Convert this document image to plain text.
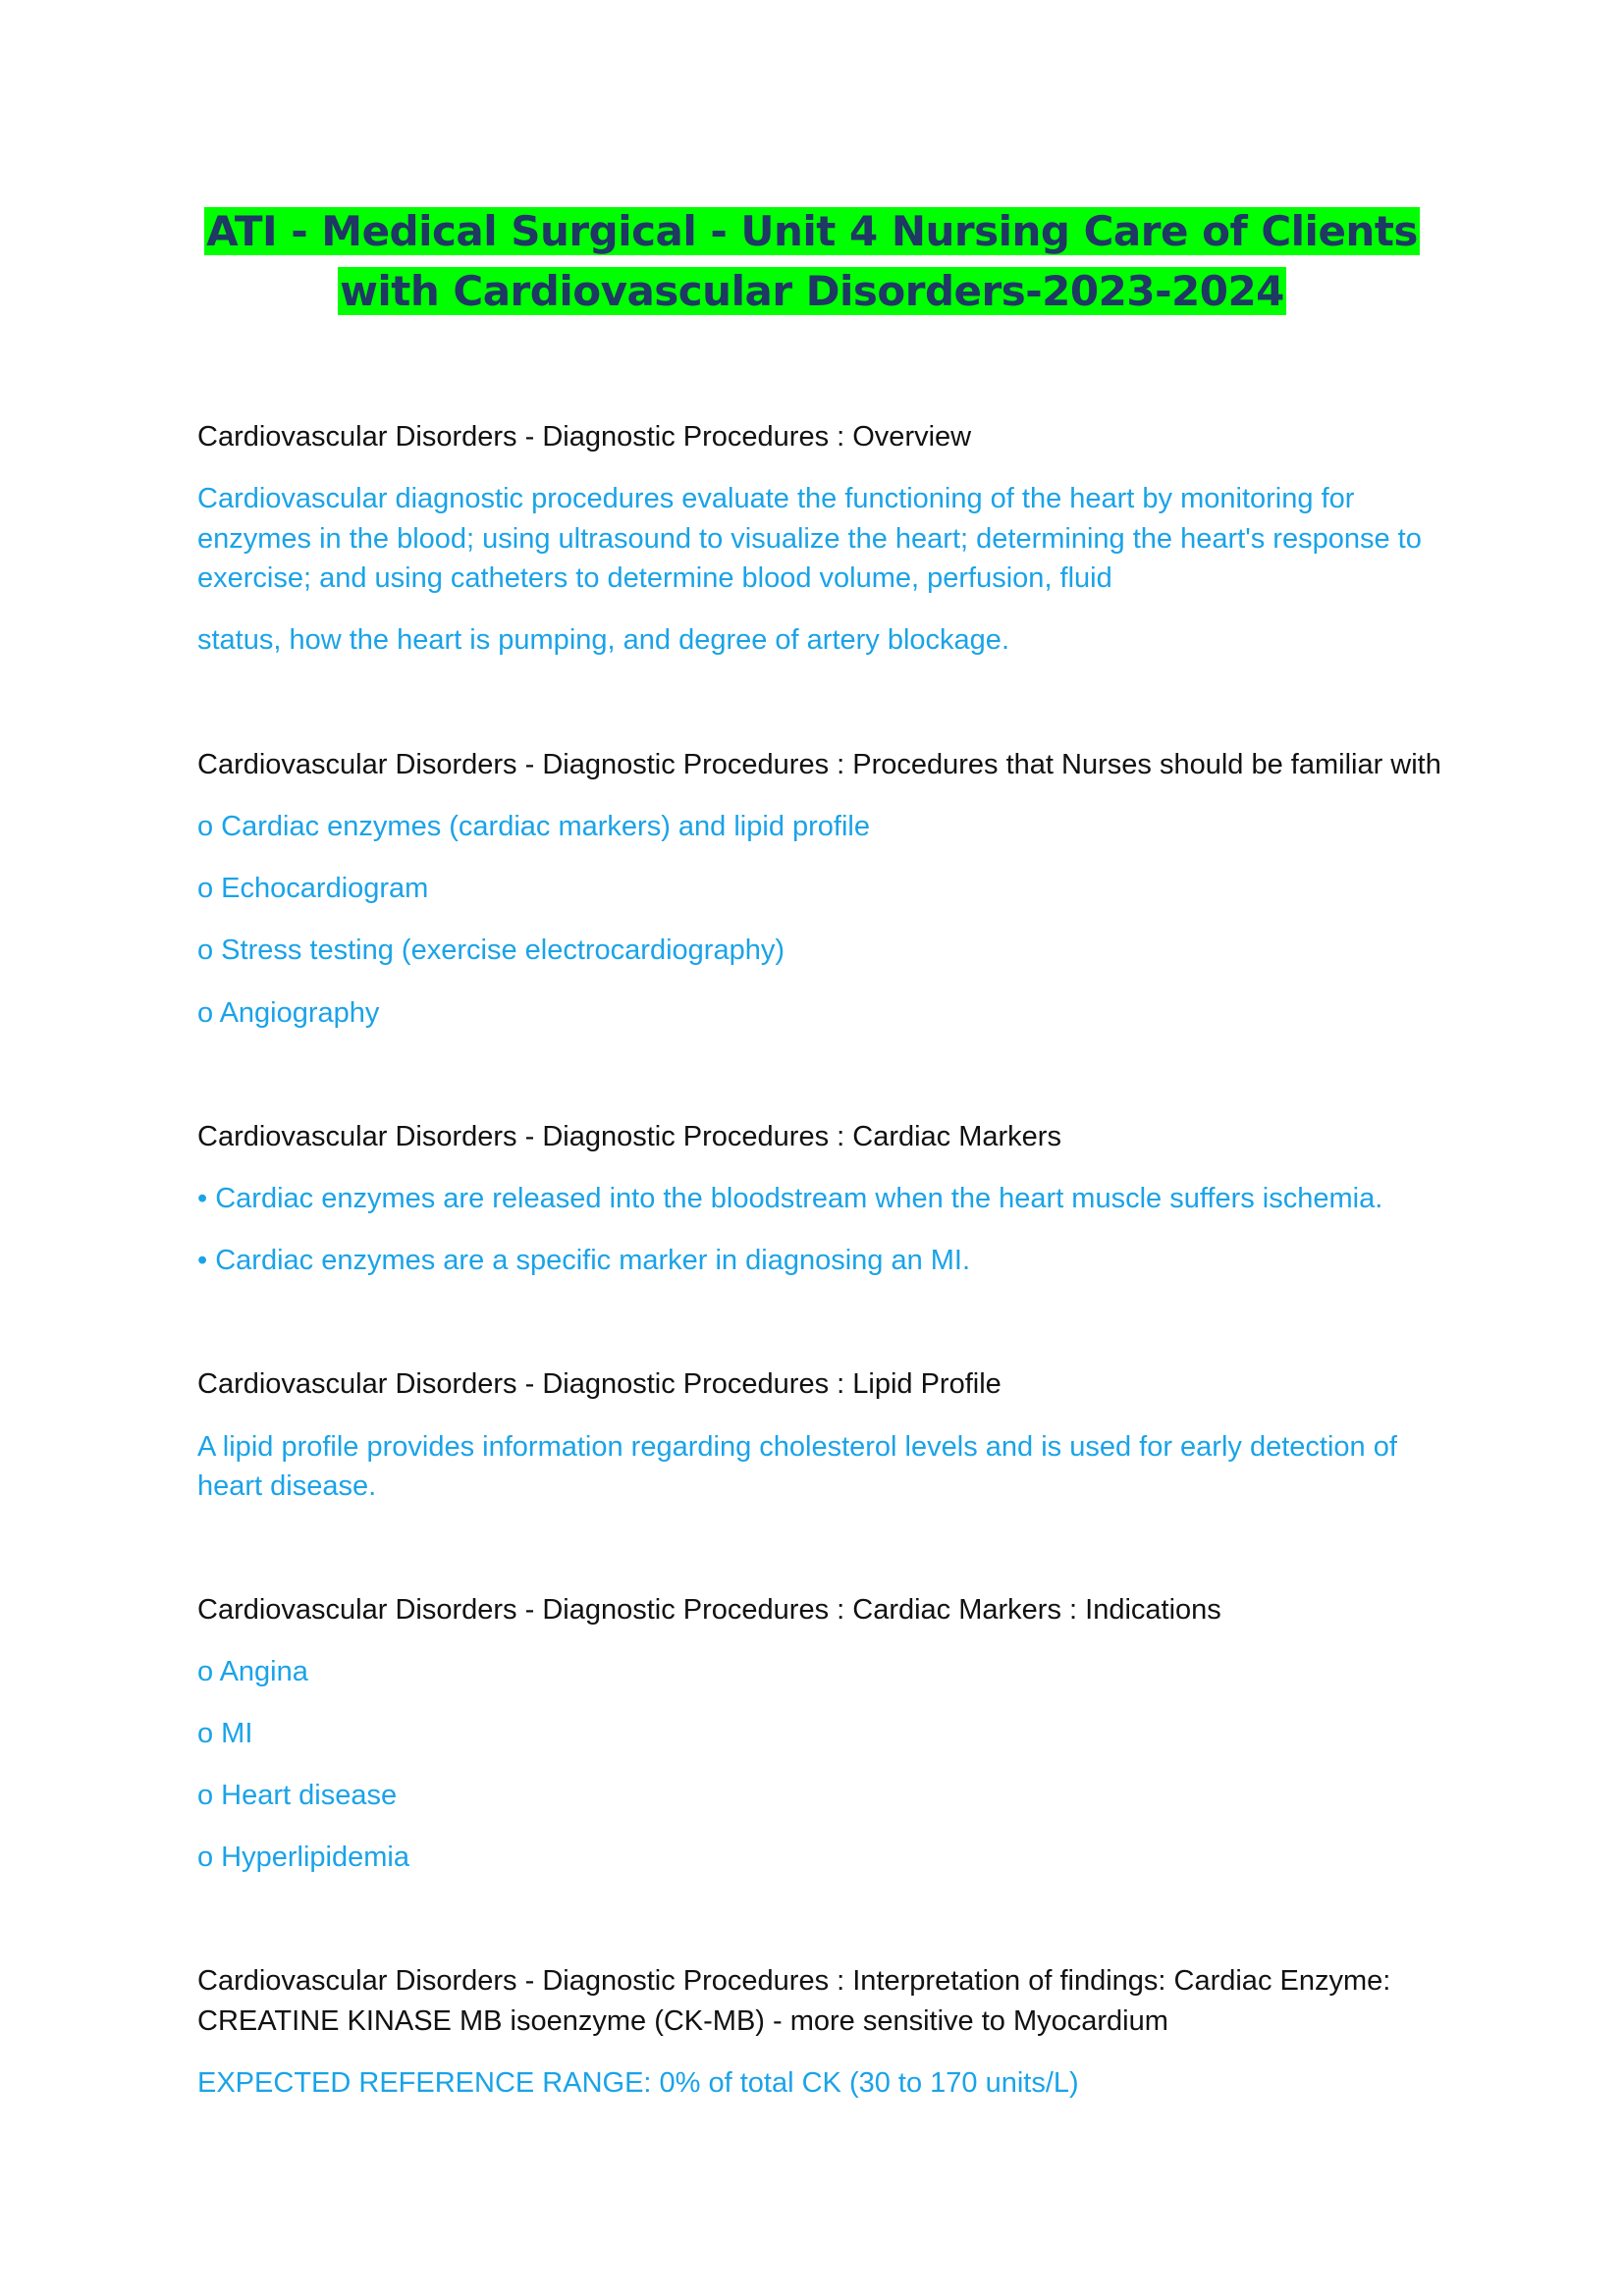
ATI - Medical Surgical - Unit 4 Nursing Care of Clients
with Cardiovascular Disorders-2023-2024
Cardiovascular Disorders - Diagnostic Procedures : Overview
Cardiovascular diagnostic procedures evaluate the functioning of the heart by monitoring for
enzymes in the blood; using ultrasound to visualize the heart; determining the heart's response to
exercise; and using catheters to determine blood volume, perfusion, fluid
status, how the heart is pumping, and degree of artery blockage.
Cardiovascular Disorders - Diagnostic Procedures : Procedures that Nurses should be familiar with
o Cardiac enzymes (cardiac markers) and lipid profile
o Echocardiogram
o Stress testing (exercise electrocardiography)
o Angiography
Cardiovascular Disorders - Diagnostic Procedures : Cardiac Markers
• Cardiac enzymes are released into the bloodstream when the heart muscle suffers ischemia.
• Cardiac enzymes are a specific marker in diagnosing an MI.
Cardiovascular Disorders - Diagnostic Procedures : Lipid Profile
A lipid profile provides information regarding cholesterol levels and is used for early detection of
heart disease.
Cardiovascular Disorders - Diagnostic Procedures : Cardiac Markers : Indications
o Angina
o MI
o Heart disease
o Hyperlipidemia
Cardiovascular Disorders - Diagnostic Procedures : Interpretation of findings: Cardiac Enzyme:
CREATINE KINASE MB isoenzyme (CK-MB) - more sensitive to Myocardium
EXPECTED REFERENCE RANGE: 0% of total CK (30 to 170 units/L)
